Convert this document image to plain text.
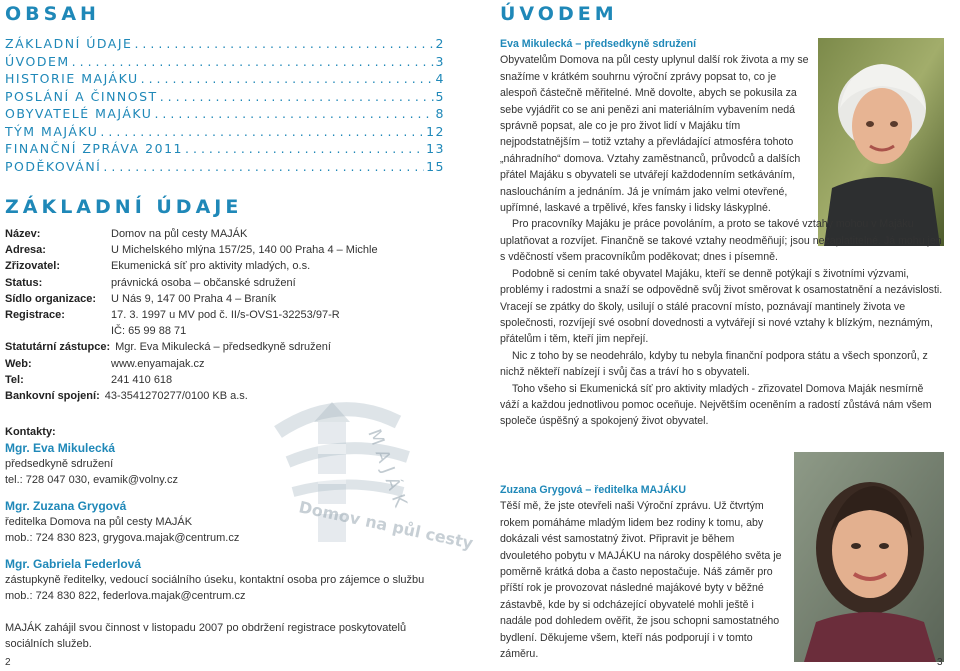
OBSAH
ZÁKLADNÍ ÚDAJE .....	2
ÚVODEM .....	3
HISTORIE MAJÁKU .....	4
POSLÁNÍ A ČINNOST .....	5
OBYVATELÉ MAJÁKU .....	8
TÝM MAJÁKU .....	12
FINANČNÍ ZPRÁVA 2011 .....	13
PODĚKOVÁNÍ .....	15
ZÁKLADNÍ ÚDAJE
MAJÁK
Domov na půl cesty
Název:	Domov na půl cesty MAJÁK
Adresa:	U Michelského mlýna 157/25, 140 00 Praha 4 – Michle
Zřizovatel:	Ekumenická síť pro aktivity mladých, o.s.
Status:	právnická osoba – občanské sdružení
Sídlo organizace:	U Nás 9, 147 00 Praha 4 – Braník
Registrace:	17. 3. 1997 u MV pod č. II/s-OVS1-32253/97-R
IČ: 65 99 88 71
Statutární zástupce: Mgr. Eva Mikulecká – předsedkyně sdružení
Web:	www.enyamajak.cz
Tel:	241 410 618
Bankovní spojení: 43-3541270277/0100 KB a.s.
Kontakty:
Mgr. Eva Mikulecká
předsedkyně sdružení
tel.: 728 047 030, evamik@volny.cz
Mgr. Zuzana Grygová
ředitelka Domova na půl cesty MAJÁK
mob.: 724 830 823, grygova.majak@centrum.cz
Mgr. Gabriela Federlová
zástupkyně ředitelky, vedoucí sociálního úseku, kontaktní osoba pro zájemce o službu
mob.: 724 830 822, federlova.majak@centrum.cz
MAJÁK zahájil svou činnost v listopadu 2007 po obdržení registrace poskytovatelů sociálních služeb.
2
ÚVODEM
Eva Mikulecká – předsedkyně sdružení

Obyvatelům Domova na půl cesty uplynul další rok života a my se snažíme v krátkém souhrnu výroční zprávy popsat to, co je alespoň částečně měřitelné. Mně dovolte, abych se pokusila za sebe vyjádřit co se ani penězi ani materiálním vybavením nedá správně popsat, ale co je pro život lidí v Majáku tím nejpodstatnějším – totiž vztahy a převládající atmosféra tohoto „náhradního“ domova. Vztahy zaměstnanců, průvodců a dalších přátel Majáku s obyvateli se utvářejí každodenním setkáváním, nasloucháním a jednáním. Já je vnímám jako velmi otevřené, upřímné, laskavé a trpělivé, křes fansky i lidsky láskyplné.

Pro pracovníky Majáku je práce povoláním, a proto se takové vztahy mohou v Majáku uplatňovat a rozvíjet. Finančně se takové vztahy neodměňují; jsou nezaplatitelné. Já mohu jen s vděčností všem pracovníkům poděkovat; dnes i písemně.

Podobně si cením také obyvatel Majáku, kteří se denně potýkají s životními výzvami, problémy i radostmi a snaží se odpovědně svůj život směrovat k osamostatnění a nezávislosti. Vracejí se zpátky do školy, usilují o stálé pracovní místo, poznávají mantinely života ve společnosti, rozvíjejí své osobní dovednosti a vytvářejí si nové vztahy k blízkým, neznámým, přátelům i těm, kteří jim nepřejí.

Nic z toho by se neodehrálo, kdyby tu nebyla finanční podpora státu a všech sponzorů, z nichž někteří nabízejí i svůj čas a tráví ho s obyvateli.

Toho všeho si Ekumenická síť pro aktivity mladých - zřizovatel Domova Maják nesmírně váží a každou jednotlivou pomoc oceňuje. Největším oceněním a radostí zůstává nám všem společe úspěšný a spokojený život obyvatel.

Zuzana Grygová – ředitelka MAJÁKU

Těší mě, že jste otevřeli naši Výroční zprávu. Už čtvrtým rokem pomáháme mladým lidem bez rodiny k tomu, aby dokázali vést samostatný život. Připravit je během dvouletého pobytu v MAJÁKU na nároky dospělého světa je poměrně krátká doba a často nepostačuje. Náš záměr pro příští rok je provozovat následné majákové byty v běžné zástavbě, kde by si odcházející obyvatelé mohli ještě i nadále pod dohledem ověřit, že jsou schopni samostatného bydlení. Děkujeme všem, kteří nás podporují i v tomto záměru.

3
